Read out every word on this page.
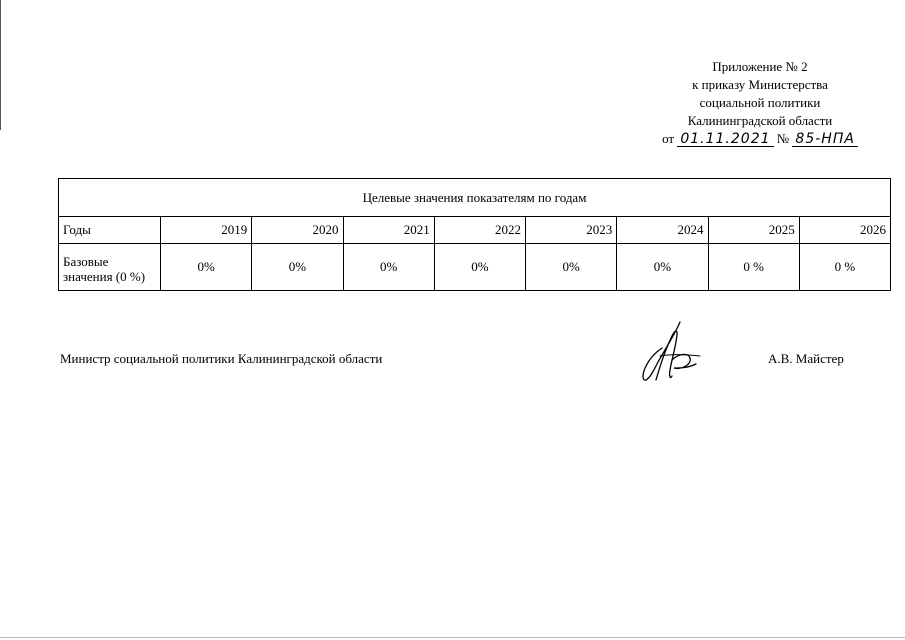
Приложение № 2
к приказу Министерства
социальной политики
Калининградской области
от 01.11.2021 № 85-НПА
Целевые значения показателям по годам								
Годы	2019	2020	2021	2022	2023	2024	2025	2026
Базовые значения (0 %)	0%	0%	0%	0%	0%	0%	0 %	0 %
Министр социальной политики Калининградской области	А.В. Майстер
